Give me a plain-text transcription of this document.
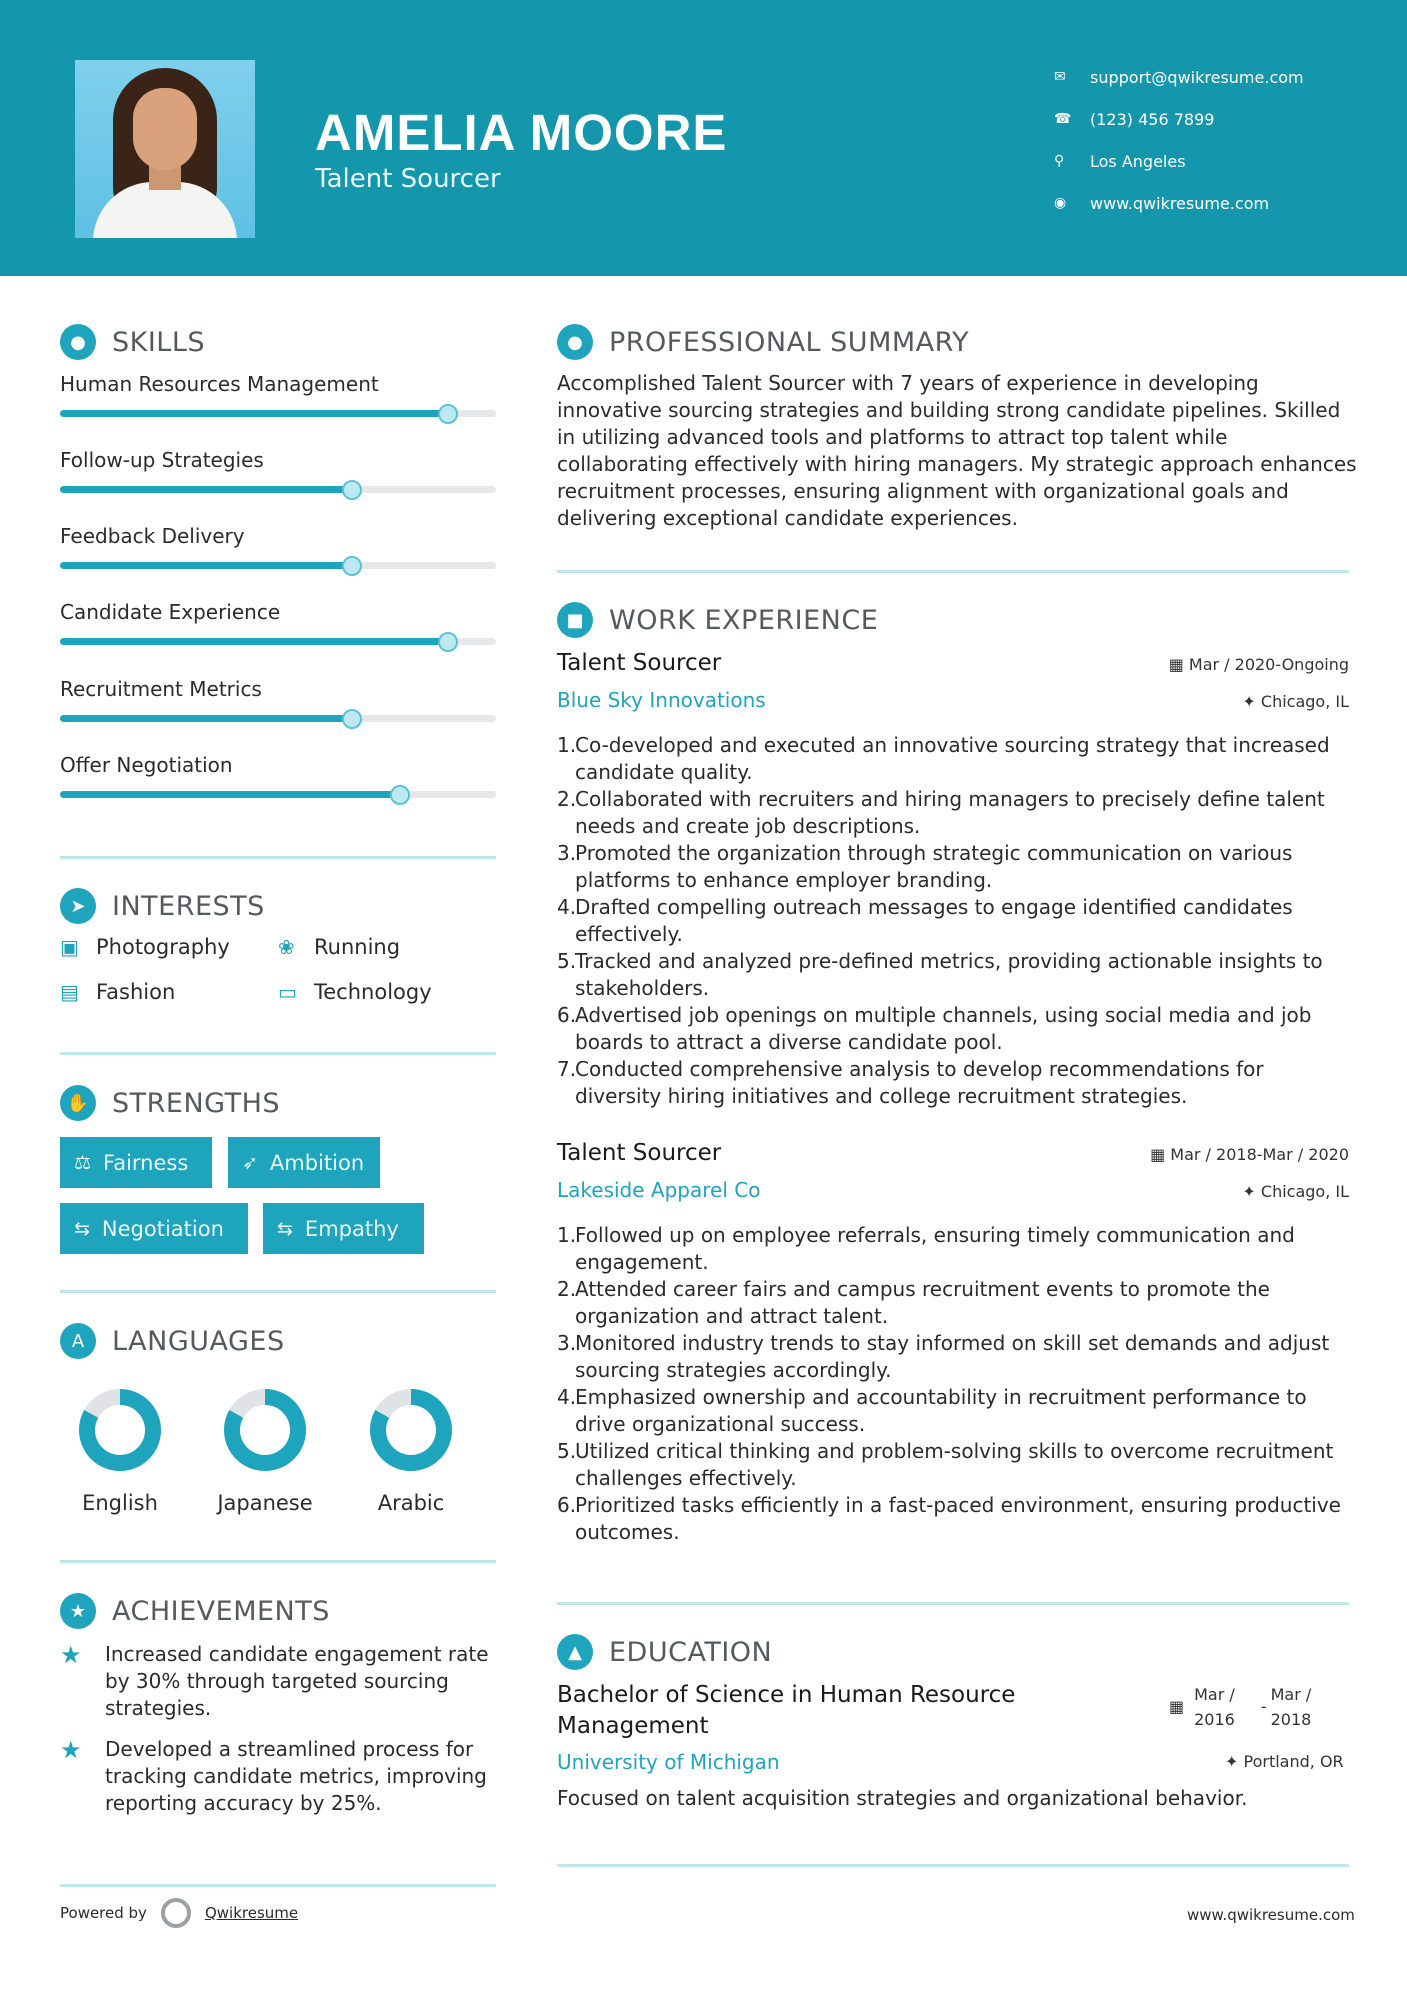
AMELIA MOORE
Talent Sourcer
✉	support@qwikresume.com
☎	(123) 456 7899
⚲	Los Angeles
◉	www.qwikresume.com
● SKILLS
Human Resources Management
Follow-up Strategies
Feedback Delivery
Candidate Experience
Recruitment Metrics
Offer Negotiation
➤ INTERESTS
▣ Photography ❀ Running
▤ Fashion	▭ Technology
✋ STRENGTHS
⚖ Fairness	➶ Ambition
⇆ Negotiation	⇆ Empathy
A	LANGUAGES
English	Japanese	Arabic
★ ACHIEVEMENTS
★	Increased candidate engagement rate by 30% through targeted sourcing strategies.
★	Developed a streamlined process for tracking candidate metrics, improving reporting accuracy by 25%.
● PROFESSIONAL SUMMARY
Accomplished Talent Sourcer with 7 years of experience in developing innovative sourcing strategies and building strong candidate pipelines. Skilled in utilizing advanced tools and platforms to attract top talent while collaborating effectively with hiring managers. My strategic approach enhances recruitment processes, ensuring alignment with organizational goals and delivering exceptional candidate experiences.
■ WORK EXPERIENCE
Talent Sourcer	▦ Mar / 2020-Ongoing
Blue Sky Innovations	✦ Chicago, IL
1.
Co-developed and executed an innovative sourcing strategy that increased candidate quality.
2.
Collaborated with recruiters and hiring managers to precisely define talent needs and create job descriptions.
3.
Promoted the organization through strategic communication on various platforms to enhance employer branding.
4.
Drafted compelling outreach messages to engage identified candidates effectively.
5.
Tracked and analyzed pre-defined metrics, providing actionable insights to stakeholders.
6.
Advertised job openings on multiple channels, using social media and job boards to attract a diverse candidate pool.
7.
Conducted comprehensive analysis to develop recommendations for diversity hiring initiatives and college recruitment strategies.
Talent Sourcer	▦ Mar / 2018-Mar / 2020
Lakeside Apparel Co	✦ Chicago, IL
1.
Followed up on employee referrals, ensuring timely communication and engagement.
2.
Attended career fairs and campus recruitment events to promote the organization and attract talent.
3.
Monitored industry trends to stay informed on skill set demands and adjust sourcing strategies accordingly.
4.
Emphasized ownership and accountability in recruitment performance to drive organizational success.
5.
Utilized critical thinking and problem-solving skills to overcome recruitment challenges effectively.
6.
Prioritized tasks efficiently in a fast-paced environment, ensuring productive outcomes.
▲	EDUCATION
Bachelor of Science in Human Resource Management
▦
Mar /
2016
-
Mar /
2018
University of Michigan	✦ Portland, OR
Focused on talent acquisition strategies and organizational behavior.
Powered by	Qwikresume	www.qwikresume.com
